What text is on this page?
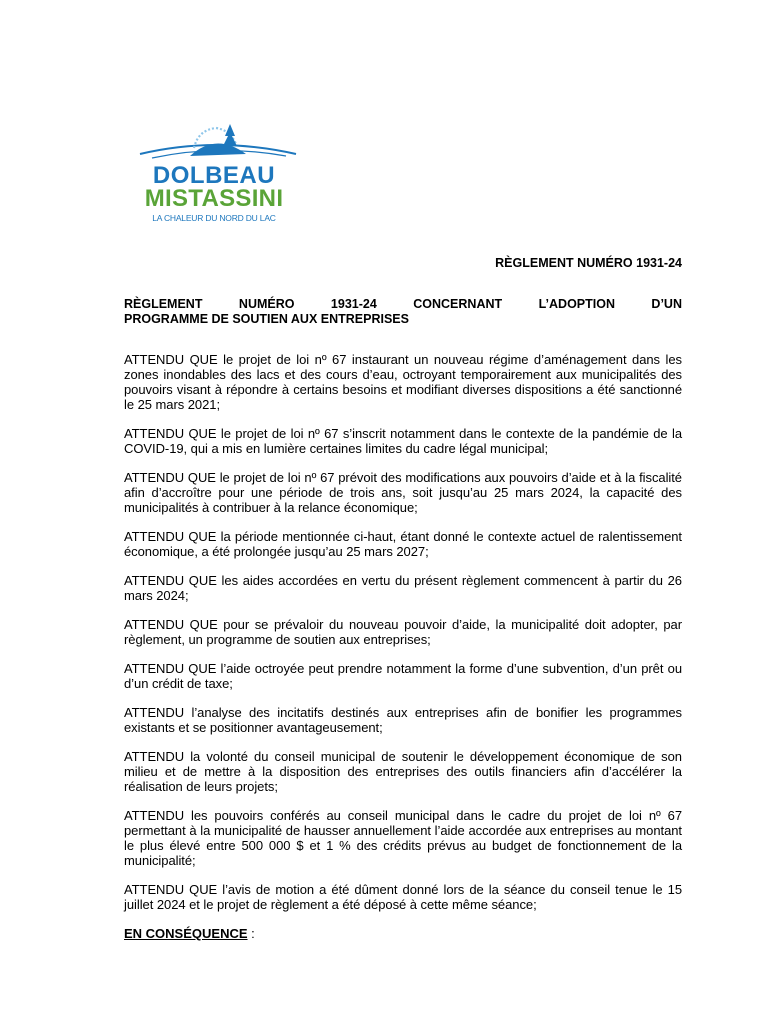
DOLBEAU
MISTASSINI
LA CHALEUR DU NORD DU LAC
RÈGLEMENT NUMÉRO 1931-24
RÈGLEMENT NUMÉRO 1931-24 CONCERNANT L’ADOPTION D’UN
PROGRAMME DE SOUTIEN AUX ENTREPRISES

ATTENDU QUE le projet de loi nº 67 instaurant un nouveau régime d’aménagement dans les zones inondables des lacs et des cours d’eau, octroyant temporairement aux municipalités des pouvoirs visant à répondre à certains besoins et modifiant diverses dispositions a été sanctionné le 25 mars 2021;

ATTENDU QUE le projet de loi nº 67 s’inscrit notamment dans le contexte de la pandémie de la COVID-19, qui a mis en lumière certaines limites du cadre légal municipal;

ATTENDU QUE le projet de loi nº 67 prévoit des modifications aux pouvoirs d’aide et à la fiscalité afin d’accroître pour une période de trois ans, soit jusqu’au 25 mars 2024, la capacité des municipalités à contribuer à la relance économique;

ATTENDU QUE la période mentionnée ci-haut, étant donné le contexte actuel de ralentissement économique, a été prolongée jusqu’au 25 mars 2027;

ATTENDU QUE les aides accordées en vertu du présent règlement commencent à partir du 26 mars 2024;

ATTENDU QUE pour se prévaloir du nouveau pouvoir d’aide, la municipalité doit adopter, par règlement, un programme de soutien aux entreprises;

ATTENDU QUE l’aide octroyée peut prendre notamment la forme d’une subvention, d’un prêt ou d’un crédit de taxe;

ATTENDU l’analyse des incitatifs destinés aux entreprises afin de bonifier les programmes existants et se positionner avantageusement;

ATTENDU la volonté du conseil municipal de soutenir le développement économique de son milieu et de mettre à la disposition des entreprises des outils financiers afin d’accélérer la réalisation de leurs projets;

ATTENDU les pouvoirs conférés au conseil municipal dans le cadre du projet de loi nº 67 permettant à la municipalité de hausser annuellement l’aide accordée aux entreprises au montant le plus élevé entre 500 000 $ et 1 % des crédits prévus au budget de fonctionnement de la municipalité;

ATTENDU QUE l’avis de motion a été dûment donné lors de la séance du conseil tenue le 15 juillet 2024 et le projet de règlement a été déposé à cette même séance;

EN CONSÉQUENCE :
